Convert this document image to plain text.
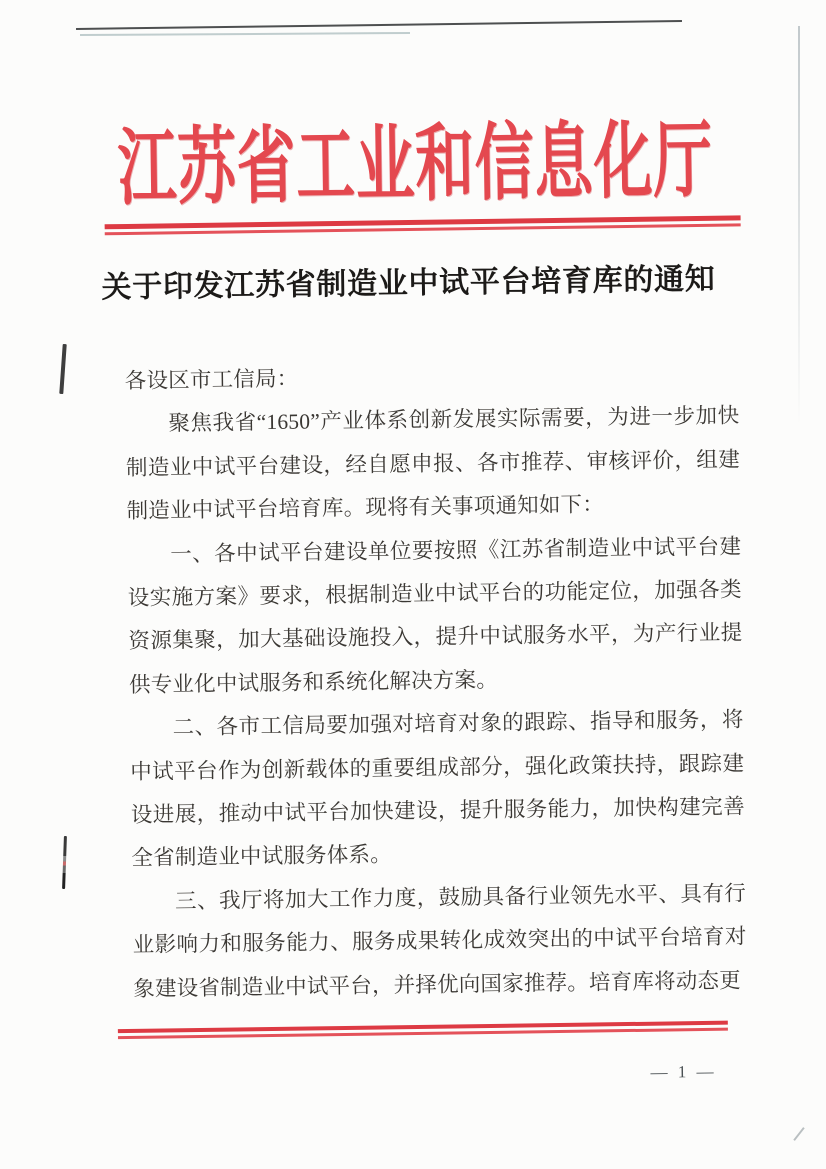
江苏省工业和信息化厅
关于印发江苏省制造业中试平台培育库的通知

各设区市工信局：

聚焦我省“1650”产业体系创新发展实际需要，为进一步加快制造业中试平台建设，经自愿申报、各市推荐、审核评价，组建制造业中试平台培育库。现将有关事项通知如下：

一、各中试平台建设单位要按照《江苏省制造业中试平台建设实施方案》要求，根据制造业中试平台的功能定位，加强各类资源集聚，加大基础设施投入，提升中试服务水平，为产行业提供专业化中试服务和系统化解决方案。

二、各市工信局要加强对培育对象的跟踪、指导和服务，将中试平台作为创新载体的重要组成部分，强化政策扶持，跟踪建设进展，推动中试平台加快建设，提升服务能力，加快构建完善全省制造业中试服务体系。

三、我厅将加大工作力度，鼓励具备行业领先水平、具有行业影响力和服务能力、服务成果转化成效突出的中试平台培育对象建设省制造业中试平台，并择优向国家推荐。培育库将动态更

— 1 —
